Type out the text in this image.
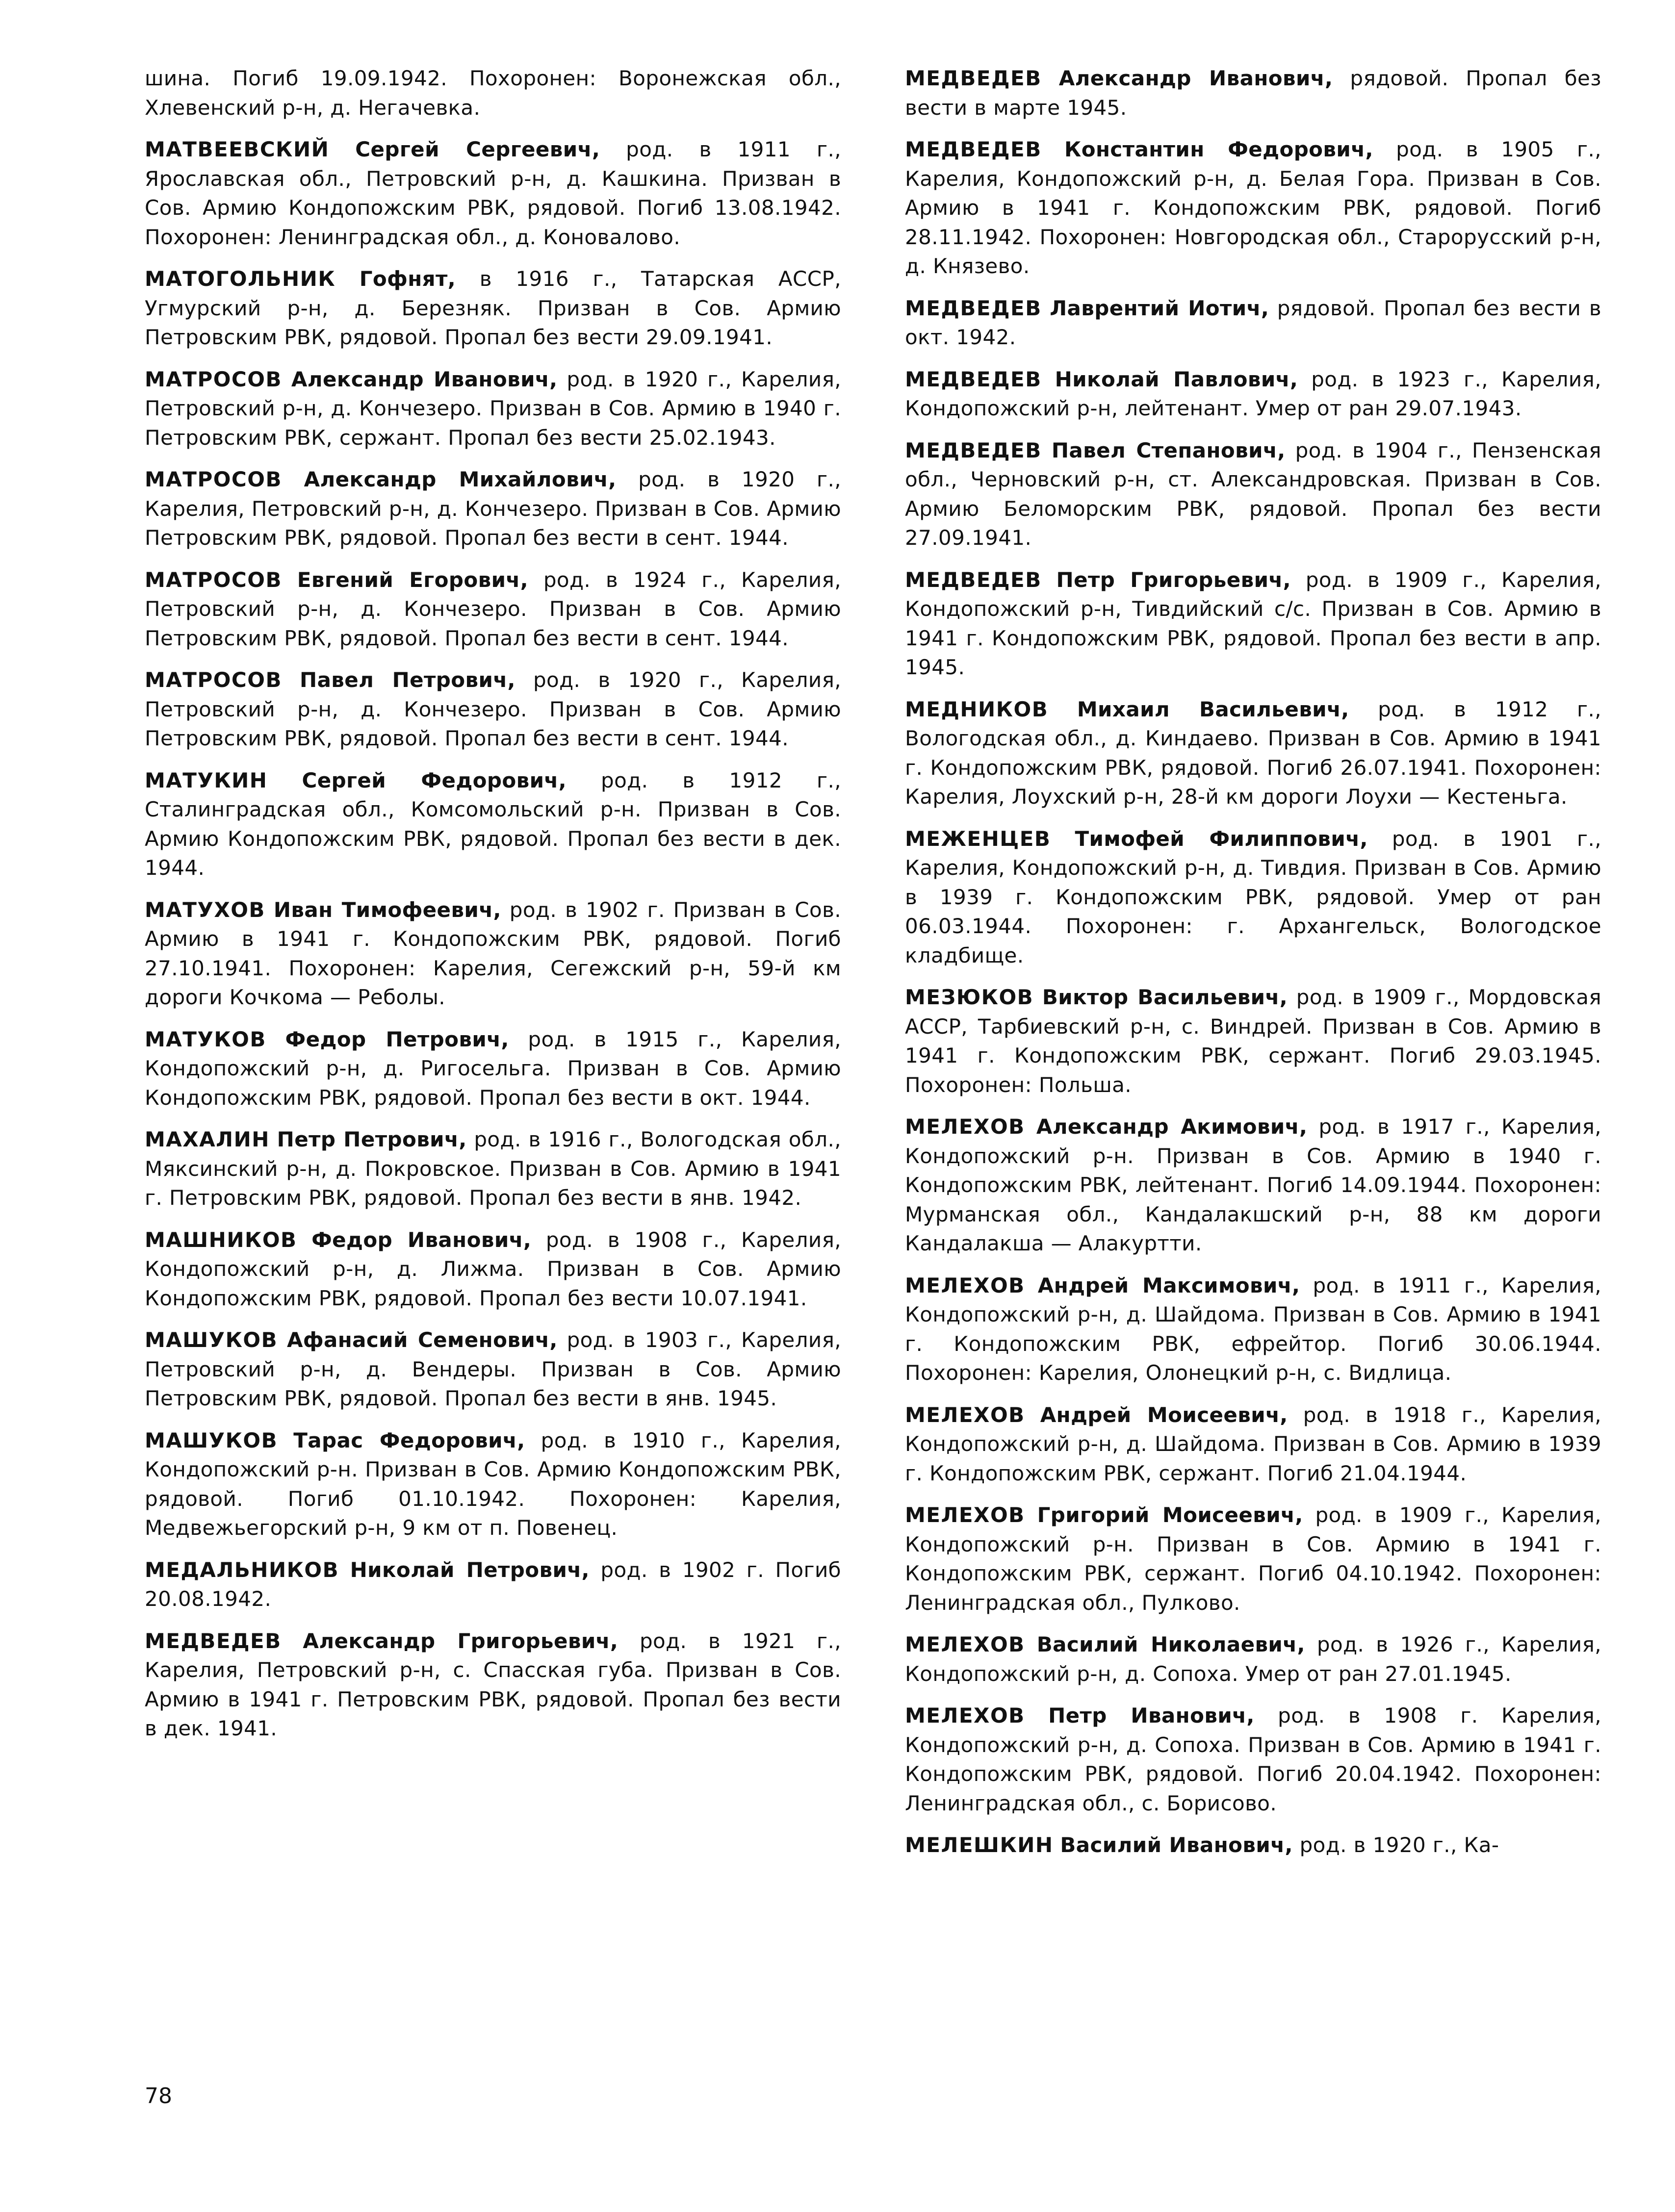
шина. Погиб 19.09.1942. Похоронен: Воронежская обл., Хлевенский р-н, д. Негачевка.

МАТВЕЕВСКИЙ Сергей Сергеевич, род. в 1911 г., Ярославская обл., Петровский р-н, д. Кашкина. Призван в Сов. Армию Кондопожским РВК, рядовой. Погиб 13.08.1942. Похоронен: Ленинградская обл., д. Коновалово.

МАТОГОЛЬНИК Гофнят, в 1916 г., Татарская АССР, Угмурский р-н, д. Березняк. Призван в Сов. Армию Петровским РВК, рядовой. Пропал без вести 29.09.1941.

МАТРОСОВ Александр Иванович, род. в 1920 г., Карелия, Петровский р-н, д. Кончезеро. Призван в Сов. Армию в 1940 г. Петровским РВК, сержант. Пропал без вести 25.02.1943.

МАТРОСОВ Александр Михайлович, род. в 1920 г., Карелия, Петровский р-н, д. Кончезеро. Призван в Сов. Армию Петровским РВК, рядовой. Пропал без вести в сент. 1944.

МАТРОСОВ Евгений Егорович, род. в 1924 г., Карелия, Петровский р-н, д. Кончезеро. Призван в Сов. Армию Петровским РВК, рядовой. Пропал без вести в сент. 1944.

МАТРОСОВ Павел Петрович, род. в 1920 г., Карелия, Петровский р-н, д. Кончезеро. Призван в Сов. Армию Петровским РВК, рядовой. Пропал без вести в сент. 1944.

МАТУКИН Сергей Федорович, род. в 1912 г., Сталинградская обл., Комсомольский р-н. Призван в Сов. Армию Кондопожским РВК, рядовой. Пропал без вести в дек. 1944.

МАТУХОВ Иван Тимофеевич, род. в 1902 г. Призван в Сов. Армию в 1941 г. Кондопожским РВК, рядовой. Погиб 27.10.1941. Похоронен: Карелия, Сегежский р-н, 59-й км дороги Кочкома — Реболы.

МАТУКОВ Федор Петрович, род. в 1915 г., Карелия, Кондопожский р-н, д. Ригосельга. Призван в Сов. Армию Кондопожским РВК, рядовой. Пропал без вести в окт. 1944.

МАХАЛИН Петр Петрович, род. в 1916 г., Вологодская обл., Мяксинский р-н, д. Покровское. Призван в Сов. Армию в 1941 г. Петровским РВК, рядовой. Пропал без вести в янв. 1942.

МАШНИКОВ Федор Иванович, род. в 1908 г., Карелия, Кондопожский р-н, д. Лижма. Призван в Сов. Армию Кондопожским РВК, рядовой. Пропал без вести 10.07.1941.

МАШУКОВ Афанасий Семенович, род. в 1903 г., Карелия, Петровский р-н, д. Вендеры. Призван в Сов. Армию Петровским РВК, рядовой. Пропал без вести в янв. 1945.

МАШУКОВ Тарас Федорович, род. в 1910 г., Карелия, Кондопожский р-н. Призван в Сов. Армию Кондопожским РВК, рядовой. Погиб 01.10.1942. Похоронен: Карелия, Медвежьегорский р-н, 9 км от п. Повенец.

МЕДАЛЬНИКОВ Николай Петрович, род. в 1902 г. Погиб 20.08.1942.

МЕДВЕДЕВ Александр Григорьевич, род. в 1921 г., Карелия, Петровский р-н, с. Спасская губа. Призван в Сов. Армию в 1941 г. Петровским РВК, рядовой. Пропал без вести в дек. 1941.

МЕДВЕДЕВ Александр Иванович, рядовой. Пропал без вести в марте 1945.

МЕДВЕДЕВ Константин Федорович, род. в 1905 г., Карелия, Кондопожский р-н, д. Белая Гора. Призван в Сов. Армию в 1941 г. Кондопожским РВК, рядовой. Погиб 28.11.1942. Похоронен: Новгородская обл., Старорусский р-н, д. Князево.

МЕДВЕДЕВ Лаврентий Иотич, рядовой. Пропал без вести в окт. 1942.

МЕДВЕДЕВ Николай Павлович, род. в 1923 г., Карелия, Кондопожский р-н, лейтенант. Умер от ран 29.07.1943.

МЕДВЕДЕВ Павел Степанович, род. в 1904 г., Пензенская обл., Черновский р-н, ст. Александровская. Призван в Сов. Армию Беломорским РВК, рядовой. Пропал без вести 27.09.1941.

МЕДВЕДЕВ Петр Григорьевич, род. в 1909 г., Карелия, Кондопожский р-н, Тивдийский с/с. Призван в Сов. Армию в 1941 г. Кондопожским РВК, рядовой. Пропал без вести в апр. 1945.

МЕДНИКОВ Михаил Васильевич, род. в 1912 г., Вологодская обл., д. Киндаево. Призван в Сов. Армию в 1941 г. Кондопожским РВК, рядовой. Погиб 26.07.1941. Похоронен: Карелия, Лоухский р-н, 28-й км дороги Лоухи — Кестеньга.

МЕЖЕНЦЕВ Тимофей Филиппович, род. в 1901 г., Карелия, Кондопожский р-н, д. Тивдия. Призван в Сов. Армию в 1939 г. Кондопожским РВК, рядовой. Умер от ран 06.03.1944. Похоронен: г. Архангельск, Вологодское кладбище.

МЕЗЮКОВ Виктор Васильевич, род. в 1909 г., Мордовская АССР, Тарбиевский р-н, с. Виндрей. Призван в Сов. Армию в 1941 г. Кондопожским РВК, сержант. Погиб 29.03.1945. Похоронен: Польша.

МЕЛЕХОВ Александр Акимович, род. в 1917 г., Карелия, Кондопожский р-н. Призван в Сов. Армию в 1940 г. Кондопожским РВК, лейтенант. Погиб 14.09.1944. Похоронен: Мурманская обл., Кандалакшский р-н, 88 км дороги Кандалакша — Алакуртти.

МЕЛЕХОВ Андрей Максимович, род. в 1911 г., Карелия, Кондопожский р-н, д. Шайдома. Призван в Сов. Армию в 1941 г. Кондопожским РВК, ефрейтор. Погиб 30.06.1944. Похоронен: Карелия, Олонецкий р-н, с. Видлица.

МЕЛЕХОВ Андрей Моисеевич, род. в 1918 г., Карелия, Кондопожский р-н, д. Шайдома. Призван в Сов. Армию в 1939 г. Кондопожским РВК, сержант. Погиб 21.04.1944.

МЕЛЕХОВ Григорий Моисеевич, род. в 1909 г., Карелия, Кондопожский р-н. Призван в Сов. Армию в 1941 г. Кондопожским РВК, сержант. Погиб 04.10.1942. Похоронен: Ленинградская обл., Пулково.

МЕЛЕХОВ Василий Николаевич, род. в 1926 г., Карелия, Кондопожский р-н, д. Сопоха. Умер от ран 27.01.1945.

МЕЛЕХОВ Петр Иванович, род. в 1908 г. Карелия, Кондопожский р-н, д. Сопоха. Призван в Сов. Армию в 1941 г. Кондопожским РВК, рядовой. Погиб 20.04.1942. Похоронен: Ленинградская обл., с. Борисово.

МЕЛЕШКИН Василий Иванович, род. в 1920 г., Ка-

78
